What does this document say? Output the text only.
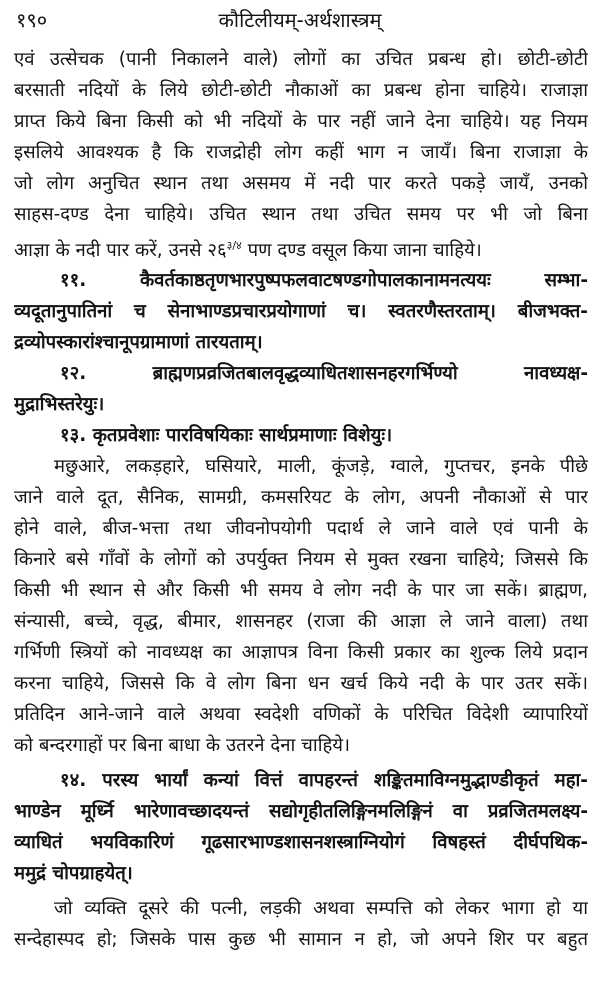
१९०	कौटिलीयम्-अर्थशास्त्रम्
एवं उत्सेचक (पानी निकालने वाले) लोगों का उचित प्रबन्ध हो। छोटी-छोटी
बरसाती नदियों के लिये छोटी-छोटी नौकाओं का प्रबन्ध होना चाहिये। राजाज्ञा
प्राप्त किये बिना किसी को भी नदियों के पार नहीं जाने देना चाहिये। यह नियम
इसलिये आवश्यक है कि राजद्रोही लोग कहीं भाग न जायँ। बिना राजाज्ञा के
जो लोग अनुचित स्थान तथा असमय में नदी पार करते पकड़े जायँ, उनको
साहस-दण्ड देना चाहिये। उचित स्थान तथा उचित समय पर भी जो बिना
आज्ञा के नदी पार करें, उनसे $२६^{३/४}$ पण दण्ड वसूल किया जाना चाहिये।
११. कैवर्तकाष्ठतृणभारपुष्पफलवाटषण्डगोपालकानामनत्ययः सम्भा-
व्यदूतानुपातिनां च सेनाभाण्डप्रचारप्रयोगाणां च। स्वतरणैस्तरताम्। बीजभक्त-
द्रव्योपस्कारांश्चानूपग्रामाणां तारयताम्।
१२. ब्राह्मणप्रव्रजितबालवृद्धव्याधितशासनहरगर्भिण्यो नावध्यक्ष-
मुद्राभिस्तरेयुः।
१३. कृतप्रवेशाः पारविषयिकाः सार्थप्रमाणाः विशेयुः।
मछुआरे, लकड़हारे, घसियारे, माली, कूंजड़े, ग्वाले, गुप्तचर, इनके पीछे
जाने वाले दूत, सैनिक, सामग्री, कमसरियट के लोग, अपनी नौकाओं से पार
होने वाले, बीज-भत्ता तथा जीवनोपयोगी पदार्थ ले जाने वाले एवं पानी के
किनारे बसे गाँवों के लोगों को उपर्युक्त नियम से मुक्त रखना चाहिये; जिससे कि
किसी भी स्थान से और किसी भी समय वे लोग नदी के पार जा सकें। ब्राह्मण,
संन्यासी, बच्चे, वृद्ध, बीमार, शासनहर (राजा की आज्ञा ले जाने वाला) तथा
गर्भिणी स्त्रियों को नावध्यक्ष का आज्ञापत्र विना किसी प्रकार का शुल्क लिये प्रदान
करना चाहिये, जिससे कि वे लोग बिना धन खर्च किये नदी के पार उतर सकें।
प्रतिदिन आने-जाने वाले अथवा स्वदेशी वणिकों के परिचित विदेशी व्यापारियों
को बन्दरगाहों पर बिना बाधा के उतरने देना चाहिये।
१४. परस्य भार्यां कन्यां वित्तं वापहरन्तं शङ्कितमाविग्नमुद्भाण्डीकृतं महा-
भाण्डेन मूर्ध्नि भारेणावच्छादयन्तं सद्योगृहीतलिङ्गिनमलिङ्गिनं वा प्रव्रजितमलक्ष्य-
व्याधितं भयविकारिणं गूढसारभाण्डशासनशस्त्राग्नियोगं विषहस्तं दीर्घपथिक-
ममुद्रं चोपग्राहयेत्।
जो व्यक्ति दूसरे की पत्नी, लड़की अथवा सम्पत्ति को लेकर भागा हो या
सन्देहास्पद हो; जिसके पास कुछ भी सामान न हो, जो अपने शिर पर बहुत
